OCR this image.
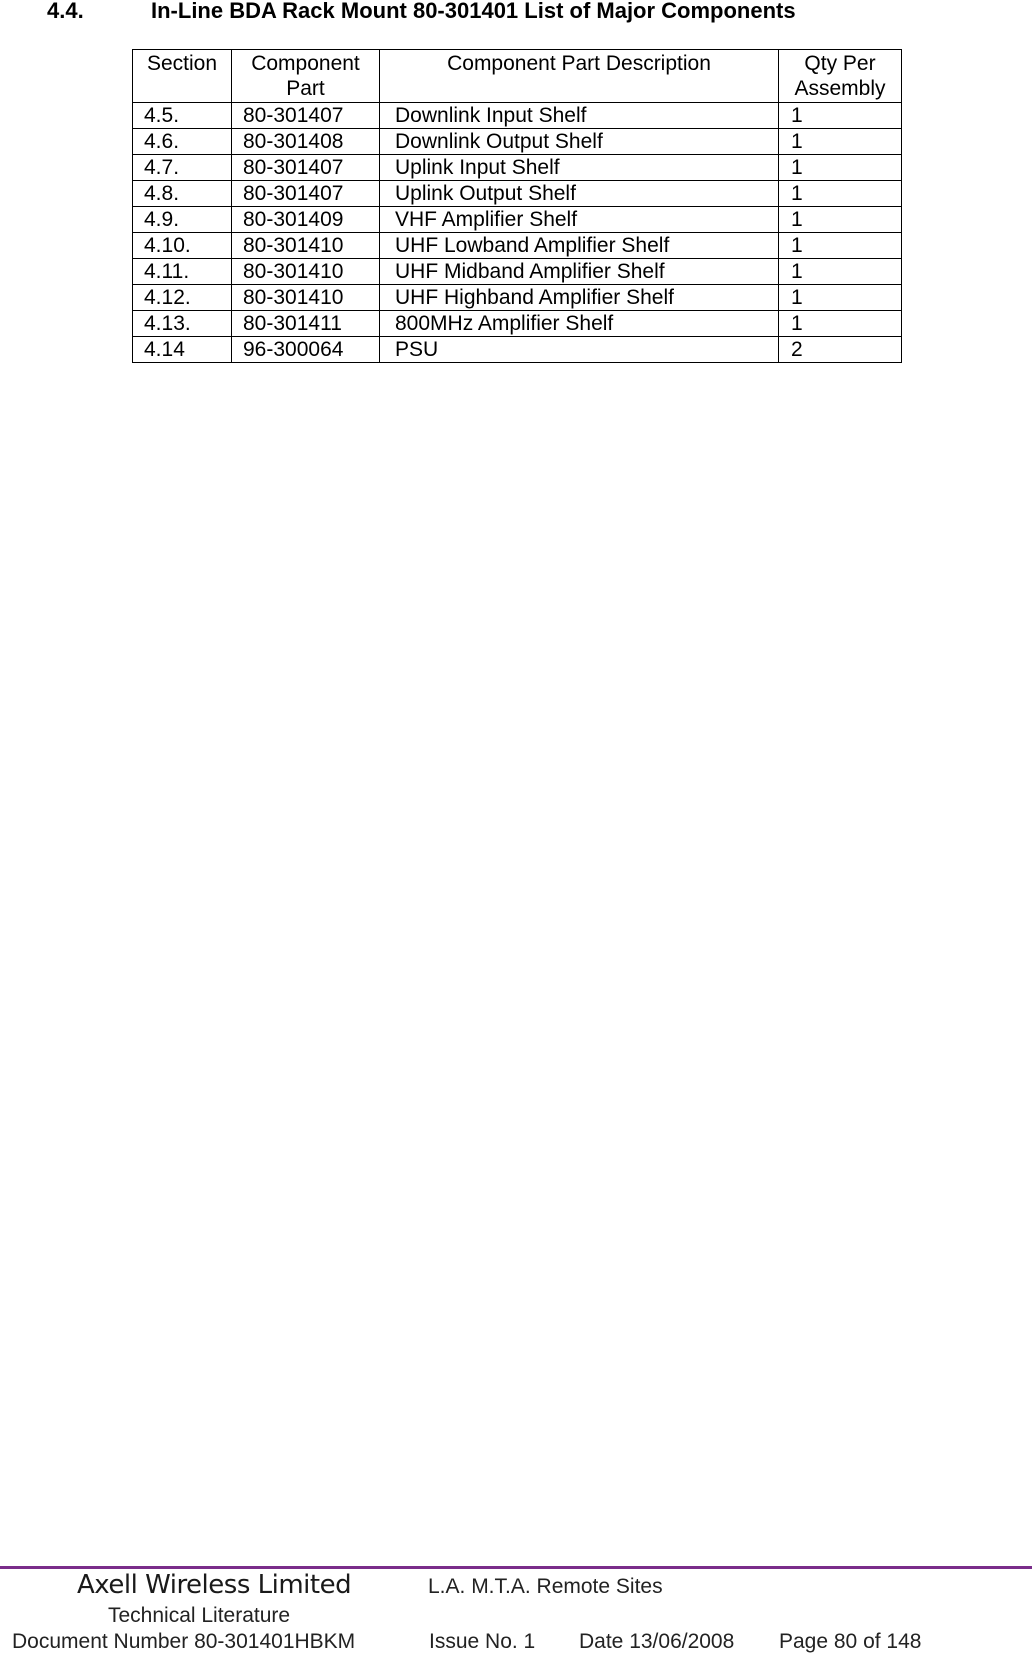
4.4.	In-Line BDA Rack Mount 80-301401 List of Major Components
Section	Component Part	Component Part Description	Qty Per Assembly
4.5.	80-301407	Downlink Input Shelf	1
4.6.	80-301408	Downlink Output Shelf	1
4.7.	80-301407	Uplink Input Shelf	1
4.8.	80-301407	Uplink Output Shelf	1
4.9.	80-301409	VHF Amplifier Shelf	1
4.10.	80-301410	UHF Lowband Amplifier Shelf	1
4.11.	80-301410	UHF Midband Amplifier Shelf	1
4.12.	80-301410	UHF Highband Amplifier Shelf	1
4.13.	80-301411	800MHz Amplifier Shelf	1
4.14	96-300064	PSU	2
Axell Wireless Limited	L.A. M.T.A. Remote Sites
Technical Literature
Document Number 80-301401HBKM	Issue No. 1 Date 13/06/2008 Page 80 of 148
